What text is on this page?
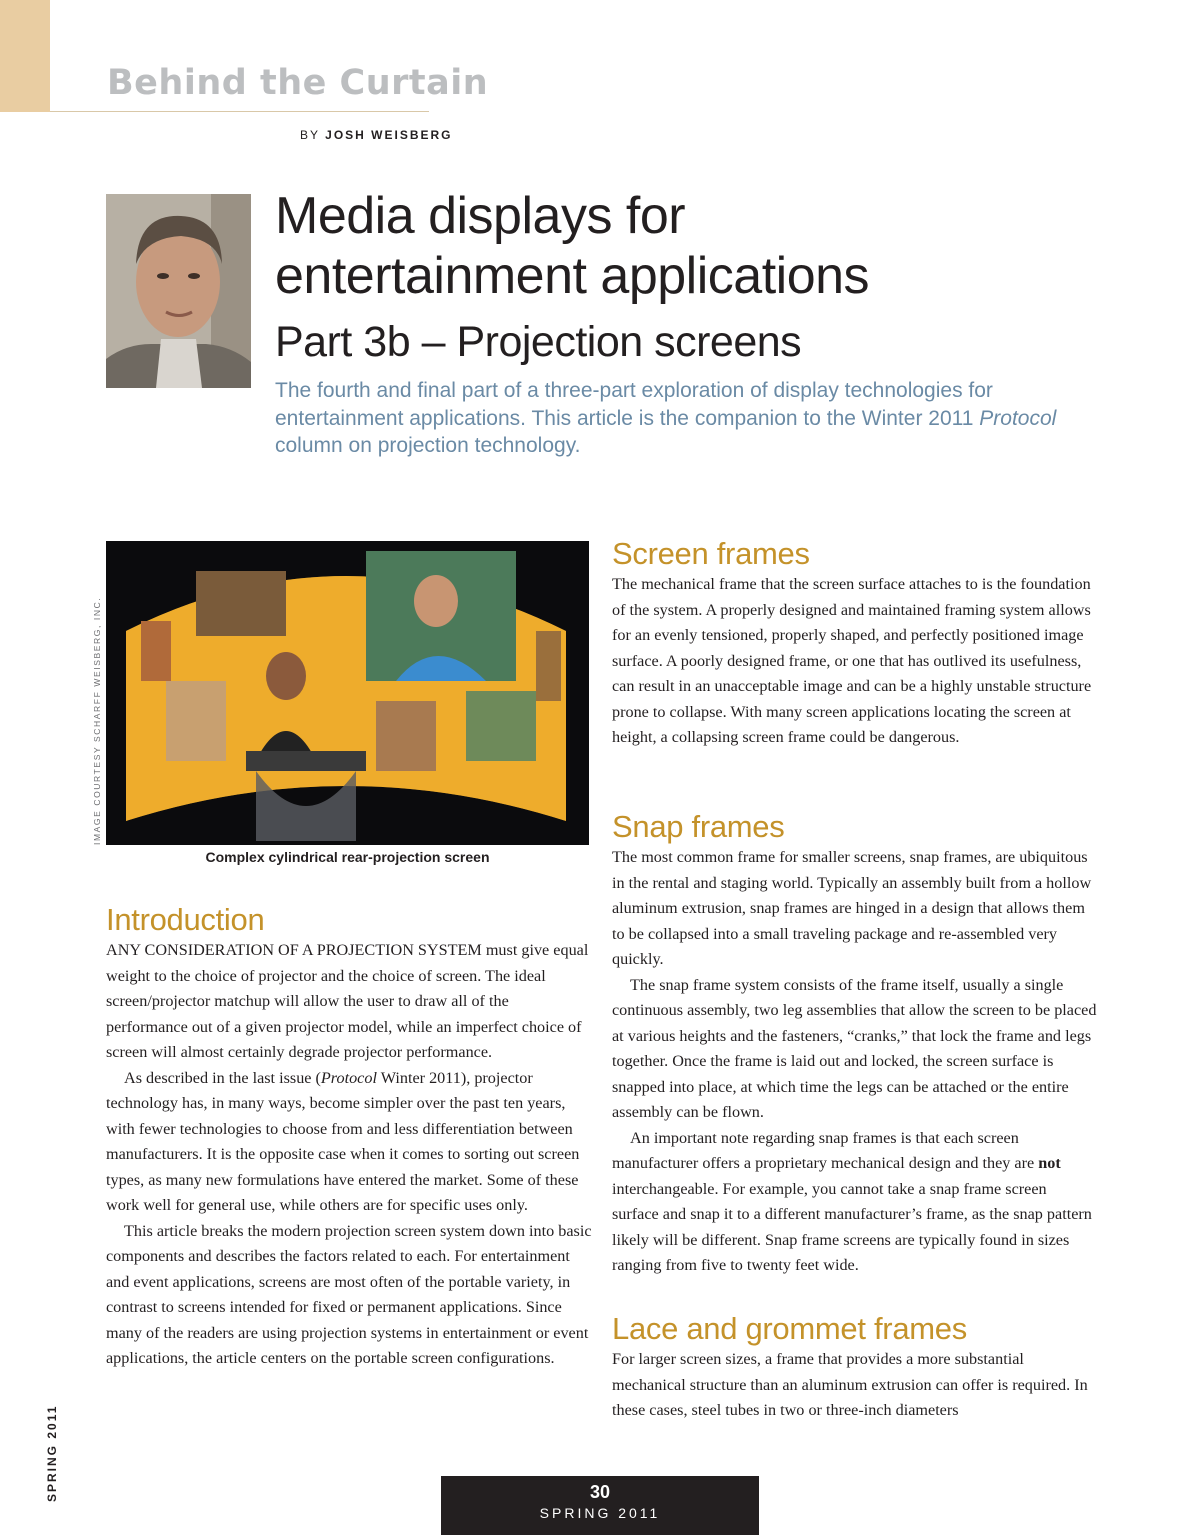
Behind the Curtain
BY JOSH WEISBERG
Media displays for
entertainment applications
Part 3b – Projection screens

The fourth and final part of a three-part exploration of display technologies for entertainment applications. This article is the companion to the Winter 2011 Protocol column on projection technology.

IMAGE COURTESY SCHARFF WEISBERG, INC.
Complex cylindrical rear-projection screen
Introduction

ANY CONSIDERATION OF A PROJECTION SYSTEM must give equal weight to the choice of projector and the choice of screen. The ideal screen/projector matchup will allow the user to draw all of the performance out of a given projector model, while an imperfect choice of screen will almost certainly degrade projector performance.

As described in the last issue (Protocol Winter 2011), projector technology has, in many ways, become simpler over the past ten years, with fewer technologies to choose from and less differentiation between manufacturers. It is the opposite case when it comes to sorting out screen types, as many new formulations have entered the market. Some of these work well for general use, while others are for specific uses only.

This article breaks the modern projection screen system down into basic components and describes the factors related to each. For entertainment and event applications, screens are most often of the portable variety, in contrast to screens intended for fixed or permanent applications. Since many of the readers are using projection systems in entertainment or event applications, the article centers on the portable screen configurations.

Screen frames

The mechanical frame that the screen surface attaches to is the foundation of the system. A properly designed and maintained framing system allows for an evenly tensioned, properly shaped, and perfectly positioned image surface. A poorly designed frame, or one that has outlived its usefulness, can result in an unacceptable image and can be a highly unstable structure prone to collapse. With many screen applications locating the screen at height, a collapsing screen frame could be dangerous.

Snap frames

The most common frame for smaller screens, snap frames, are ubiquitous in the rental and staging world. Typically an assembly built from a hollow aluminum extrusion, snap frames are hinged in a design that allows them to be collapsed into a small traveling package and re-assembled very quickly.

The snap frame system consists of the frame itself, usually a single continuous assembly, two leg assemblies that allow the screen to be placed at various heights and the fasteners, “cranks,” that lock the frame and legs together. Once the frame is laid out and locked, the screen surface is snapped into place, at which time the legs can be attached or the entire assembly can be flown.

An important note regarding snap frames is that each screen manufacturer offers a proprietary mechanical design and they are not interchangeable. For example, you cannot take a snap frame screen surface and snap it to a different manufacturer’s frame, as the snap pattern likely will be different. Snap frame screens are typically found in sizes ranging from five to twenty feet wide.

Lace and grommet frames

For larger screen sizes, a frame that provides a more substantial mechanical structure than an aluminum extrusion can offer is required. In these cases, steel tubes in two or three-inch diameters

30
SPRING 2011
SPRING 2011
